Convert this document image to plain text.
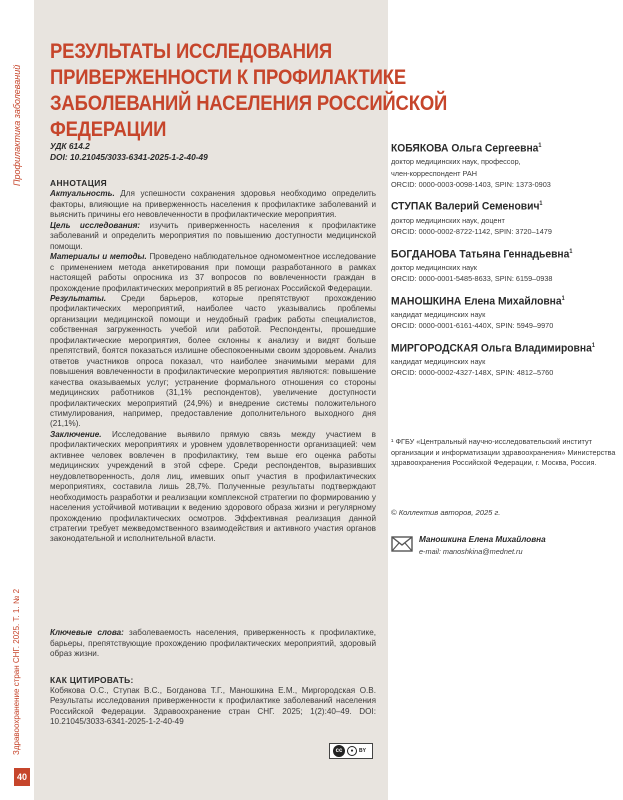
Профилактика заболеваний
Здравоохранение стран СНГ. 2025. Т. 1. № 2
40
РЕЗУЛЬТАТЫ ИССЛЕДОВАНИЯ ПРИВЕРЖЕННОСТИ К ПРОФИЛАКТИКЕ ЗАБОЛЕВАНИЙ НАСЕЛЕНИЯ РОССИЙСКОЙ ФЕДЕРАЦИИ
УДК 614.2
DOI: 10.21045/3033-6341-2025-1-2-40-49
АННОТАЦИЯ

Актуальность. Для успешности сохранения здоровья необходимо определить факторы, влияющие на приверженность населения к профилактике заболеваний и выяснить причины его невовлеченности в профилактические мероприятия.

Цель исследования: изучить приверженность населения к профилактике заболеваний и определить мероприятия по повышению доступности медицинской помощи.

Материалы и методы. Проведено наблюдательное одномоментное исследование с применением метода анкетирования при помощи разработанного в рамках настоящей работы опросника из 37 вопросов по вовлеченности граждан в прохождение профилактических мероприятий в 85 регионах Российской Федерации.

Результаты. Среди барьеров, которые препятствуют прохождению профилактических мероприятий, наиболее часто указывались проблемы организации медицинской помощи и неудобный график работы специалистов, собственная загруженность учебой или работой. Респонденты, прошедшие профилактические мероприятия, более склонны к анализу и видят больше препятствий, боятся показаться излишне обеспокоенными своим здоровьем. Анализ ответов участников опроса показал, что наиболее значимыми мерами для повышения вовлеченности в профилактические мероприятия являются: повышение качества оказываемых услуг; устранение формального отношения со стороны медицинских работников (31,1% респондентов), увеличение доступности профилактических мероприятий (24,9%) и внедрение системы положительного стимулирования, например, предоставление дополнительного выходного дня (21,1%).

Заключение. Исследование выявило прямую связь между участием в профилактических мероприятиях и уровнем удовлетворенности организацией: чем активнее человек вовлечен в профилактику, тем выше его оценка работы медицинских учреждений в этой сфере. Среди респондентов, выразивших неудовлетворенность, доля лиц, имевших опыт участия в профилактических мероприятиях, составила лишь 28,7%. Полученные результаты подтверждают необходимость разработки и реализации комплексной стратегии по формированию у населения устойчивой мотивации к ведению здорового образа жизни и регулярному прохождению профилактических осмотров. Эффективная реализация данной стратегии требует межведомственного взаимодействия и активного участия органов законодательной и исполнительной власти.

Ключевые слова: заболеваемость населения, приверженность к профилактике, барьеры, препятствующие прохождению профилактических мероприятий, здоровый образ жизни.
КАК ЦИТИРОВАТЬ:
Кобякова О.С., Ступак В.С., Богданова Т.Г., Маношкина Е.М., Миргородская О.В. Результаты исследования приверженности к профилактике заболеваний населения Российской Федерации. Здравоохранение стран СНГ. 2025; 1(2):40–49. DOI: 10.21045/3033-6341-2025-1-2-40-49
cc	●	BY
КОБЯКОВА Ольга Сергеевна$^1$
доктор медицинских наук, профессор,
член-корреспондент РАН
ORCID: 0000-0003-0098-1403, SPIN: 1373-0903
СТУПАК Валерий Семенович$^1$
доктор медицинских наук, доцент
ORCID: 0000-0002-8722-1142, SPIN: 3720–1479
БОГДАНОВА Татьяна Геннадьевна$^1$
доктор медицинских наук
ORCID: 0000-0001-5485-8633, SPIN: 6159–0938
МАНОШКИНА Елена Михайловна$^1$
кандидат медицинских наук
ORCID: 0000-0001-6161-440X, SPIN: 5949–9970
МИРГОРОДСКАЯ Ольга Владимировна$^1$
кандидат медицинских наук
ORCID: 0000-0002-4327-148X, SPIN: 4812–5760
¹ ФГБУ «Центральный научно-исследовательский институт организации и информатизации здравоохранения» Министерства здравоохранения Российской Федерации, г. Москва, Россия.
© Коллектив авторов, 2025 г.
Маношкина Елена Михайловна
e-mail: manoshkina@mednet.ru
